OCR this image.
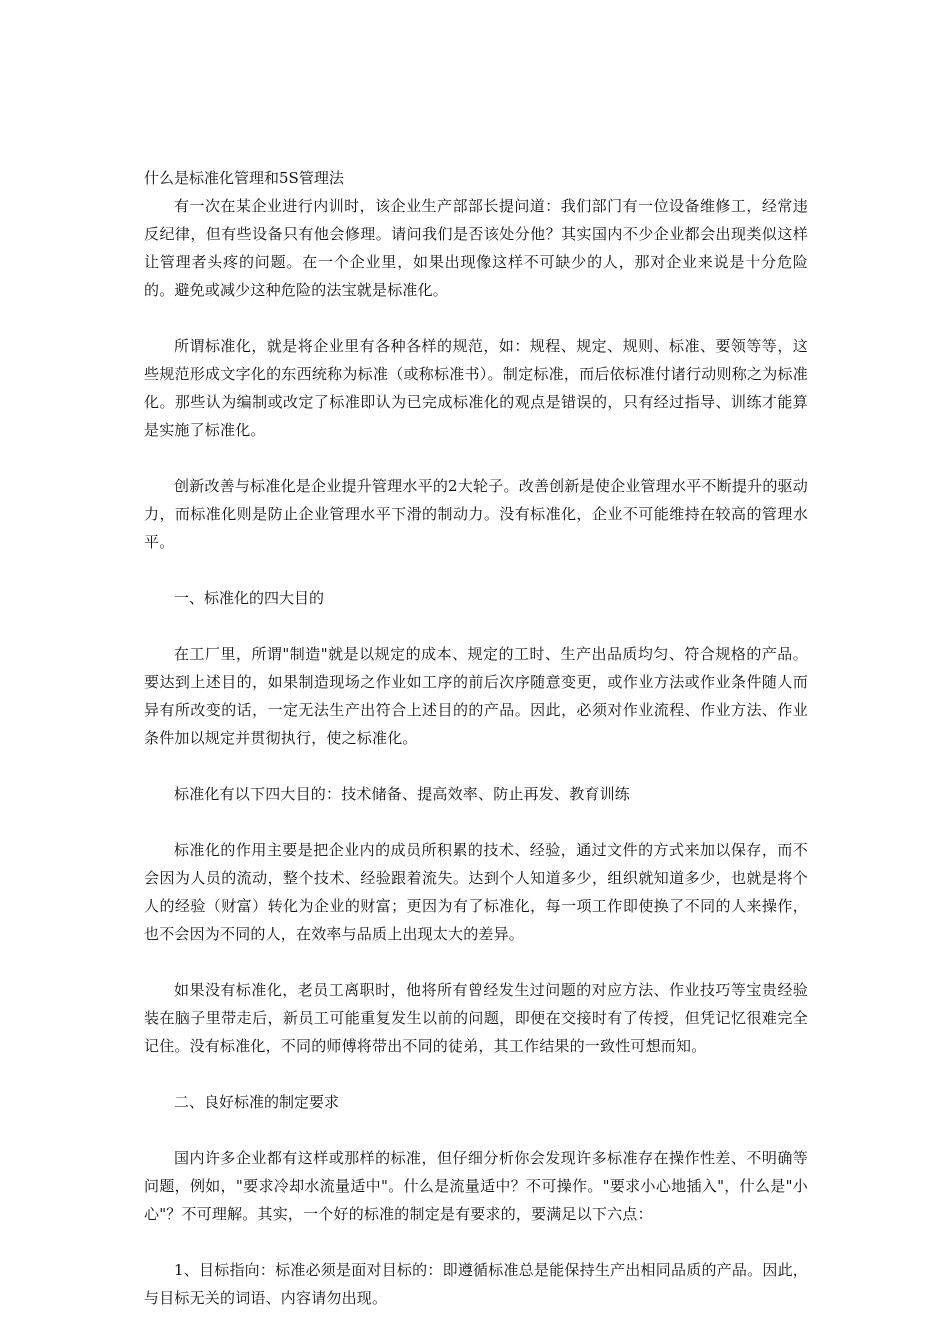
什么是标准化管理和5S管理法

有一次在某企业进行内训时，该企业生产部部长提问道：我们部门有一位设备维修工，经常违反纪律，但有些设备只有他会修理。请问我们是否该处分他？其实国内不少企业都会出现类似这样让管理者头疼的问题。在一个企业里，如果出现像这样不可缺少的人，那对企业来说是十分危险的。避免或减少这种危险的法宝就是标准化。

所谓标准化，就是将企业里有各种各样的规范，如：规程、规定、规则、标准、要领等等，这些规范形成文字化的东西统称为标准（或称标准书）。制定标准，而后依标准付诸行动则称之为标准化。那些认为编制或改定了标准即认为已完成标准化的观点是错误的，只有经过指导、训练才能算是实施了标准化。

创新改善与标准化是企业提升管理水平的2大轮子。改善创新是使企业管理水平不断提升的驱动力，而标准化则是防止企业管理水平下滑的制动力。没有标准化，企业不可能维持在较高的管理水平。

一、标准化的四大目的

在工厂里，所谓"制造"就是以规定的成本、规定的工时、生产出品质均匀、符合规格的产品。要达到上述目的，如果制造现场之作业如工序的前后次序随意变更，或作业方法或作业条件随人而异有所改变的话，一定无法生产出符合上述目的的产品。因此，必须对作业流程、作业方法、作业条件加以规定并贯彻执行，使之标准化。

标准化有以下四大目的：技术储备、提高效率、防止再发、教育训练

标准化的作用主要是把企业内的成员所积累的技术、经验，通过文件的方式来加以保存，而不会因为人员的流动，整个技术、经验跟着流失。达到个人知道多少，组织就知道多少，也就是将个人的经验（财富）转化为企业的财富；更因为有了标准化，每一项工作即使换了不同的人来操作，也不会因为不同的人，在效率与品质上出现太大的差异。

如果没有标准化，老员工离职时，他将所有曾经发生过问题的对应方法、作业技巧等宝贵经验装在脑子里带走后，新员工可能重复发生以前的问题，即便在交接时有了传授，但凭记忆很难完全记住。没有标准化，不同的师傅将带出不同的徒弟，其工作结果的一致性可想而知。

二、良好标准的制定要求

国内许多企业都有这样或那样的标准，但仔细分析你会发现许多标准存在操作性差、不明确等问题，例如，"要求冷却水流量适中"。什么是流量适中？不可操作。"要求小心地插入"，什么是"小心"？不可理解。其实，一个好的标准的制定是有要求的，要满足以下六点：

1、目标指向：标准必须是面对目标的：即遵循标准总是能保持生产出相同品质的产品。因此，与目标无关的词语、内容请勿出现。
